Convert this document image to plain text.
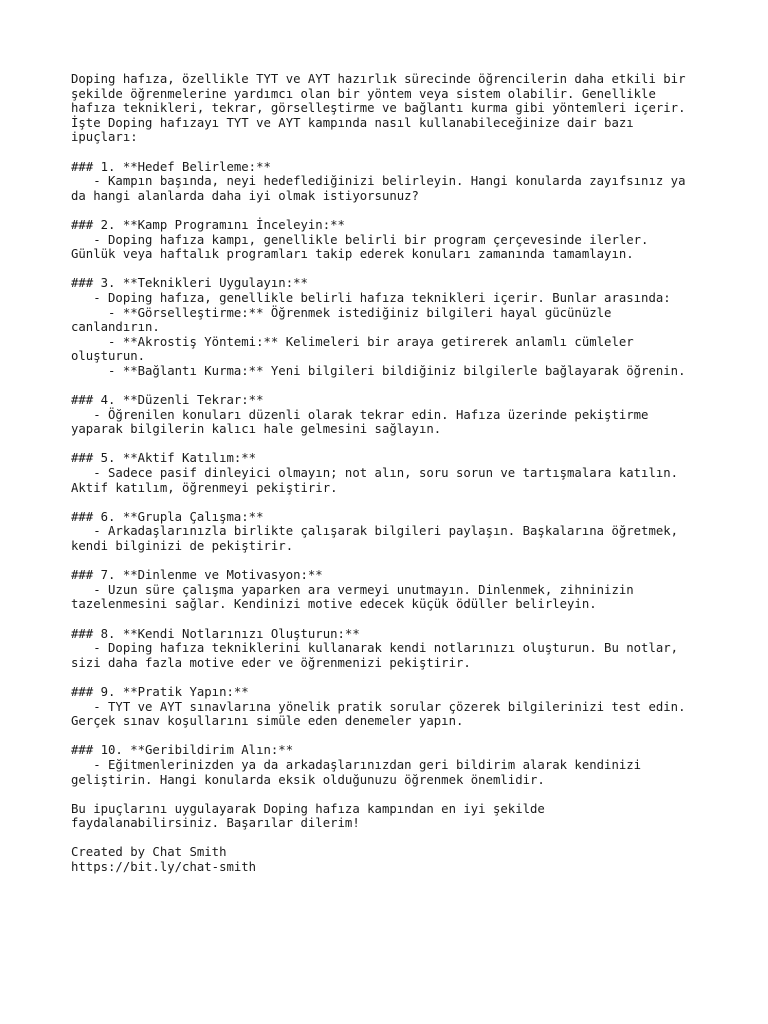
Doping hafıza, özellikle TYT ve AYT hazırlık sürecinde öğrencilerin daha etkili bir
şekilde öğrenmelerine yardımcı olan bir yöntem veya sistem olabilir. Genellikle
hafıza teknikleri, tekrar, görselleştirme ve bağlantı kurma gibi yöntemleri içerir.
İşte Doping hafızayı TYT ve AYT kampında nasıl kullanabileceğinize dair bazı
ipuçları:
### 1. **Hedef Belirleme:**
- Kampın başında, neyi hedeflediğinizi belirleyin. Hangi konularda zayıfsınız ya
da hangi alanlarda daha iyi olmak istiyorsunuz?
### 2. **Kamp Programını İnceleyin:**
- Doping hafıza kampı, genellikle belirli bir program çerçevesinde ilerler.
Günlük veya haftalık programları takip ederek konuları zamanında tamamlayın.
### 3. **Teknikleri Uygulayın:**
- Doping hafıza, genellikle belirli hafıza teknikleri içerir. Bunlar arasında:
- **Görselleştirme:** Öğrenmek istediğiniz bilgileri hayal gücünüzle
canlandırın.
- **Akrostiş Yöntemi:** Kelimeleri bir araya getirerek anlamlı cümleler
oluşturun.
- **Bağlantı Kurma:** Yeni bilgileri bildiğiniz bilgilerle bağlayarak öğrenin.
### 4. **Düzenli Tekrar:**
- Öğrenilen konuları düzenli olarak tekrar edin. Hafıza üzerinde pekiştirme
yaparak bilgilerin kalıcı hale gelmesini sağlayın.
### 5. **Aktif Katılım:**
- Sadece pasif dinleyici olmayın; not alın, soru sorun ve tartışmalara katılın.
Aktif katılım, öğrenmeyi pekiştirir.
### 6. **Grupla Çalışma:**
- Arkadaşlarınızla birlikte çalışarak bilgileri paylaşın. Başkalarına öğretmek,
kendi bilginizi de pekiştirir.
### 7. **Dinlenme ve Motivasyon:**
- Uzun süre çalışma yaparken ara vermeyi unutmayın. Dinlenmek, zihninizin
tazelenmesini sağlar. Kendinizi motive edecek küçük ödüller belirleyin.
### 8. **Kendi Notlarınızı Oluşturun:**
- Doping hafıza tekniklerini kullanarak kendi notlarınızı oluşturun. Bu notlar,
sizi daha fazla motive eder ve öğrenmenizi pekiştirir.
### 9. **Pratik Yapın:**
- TYT ve AYT sınavlarına yönelik pratik sorular çözerek bilgilerinizi test edin.
Gerçek sınav koşullarını simüle eden denemeler yapın.
### 10. **Geribildirim Alın:**
- Eğitmenlerinizden ya da arkadaşlarınızdan geri bildirim alarak kendinizi
geliştirin. Hangi konularda eksik olduğunuzu öğrenmek önemlidir.
Bu ipuçlarını uygulayarak Doping hafıza kampından en iyi şekilde
faydalanabilirsiniz. Başarılar dilerim!
Created by Chat Smith
https://bit.ly/chat-smith
